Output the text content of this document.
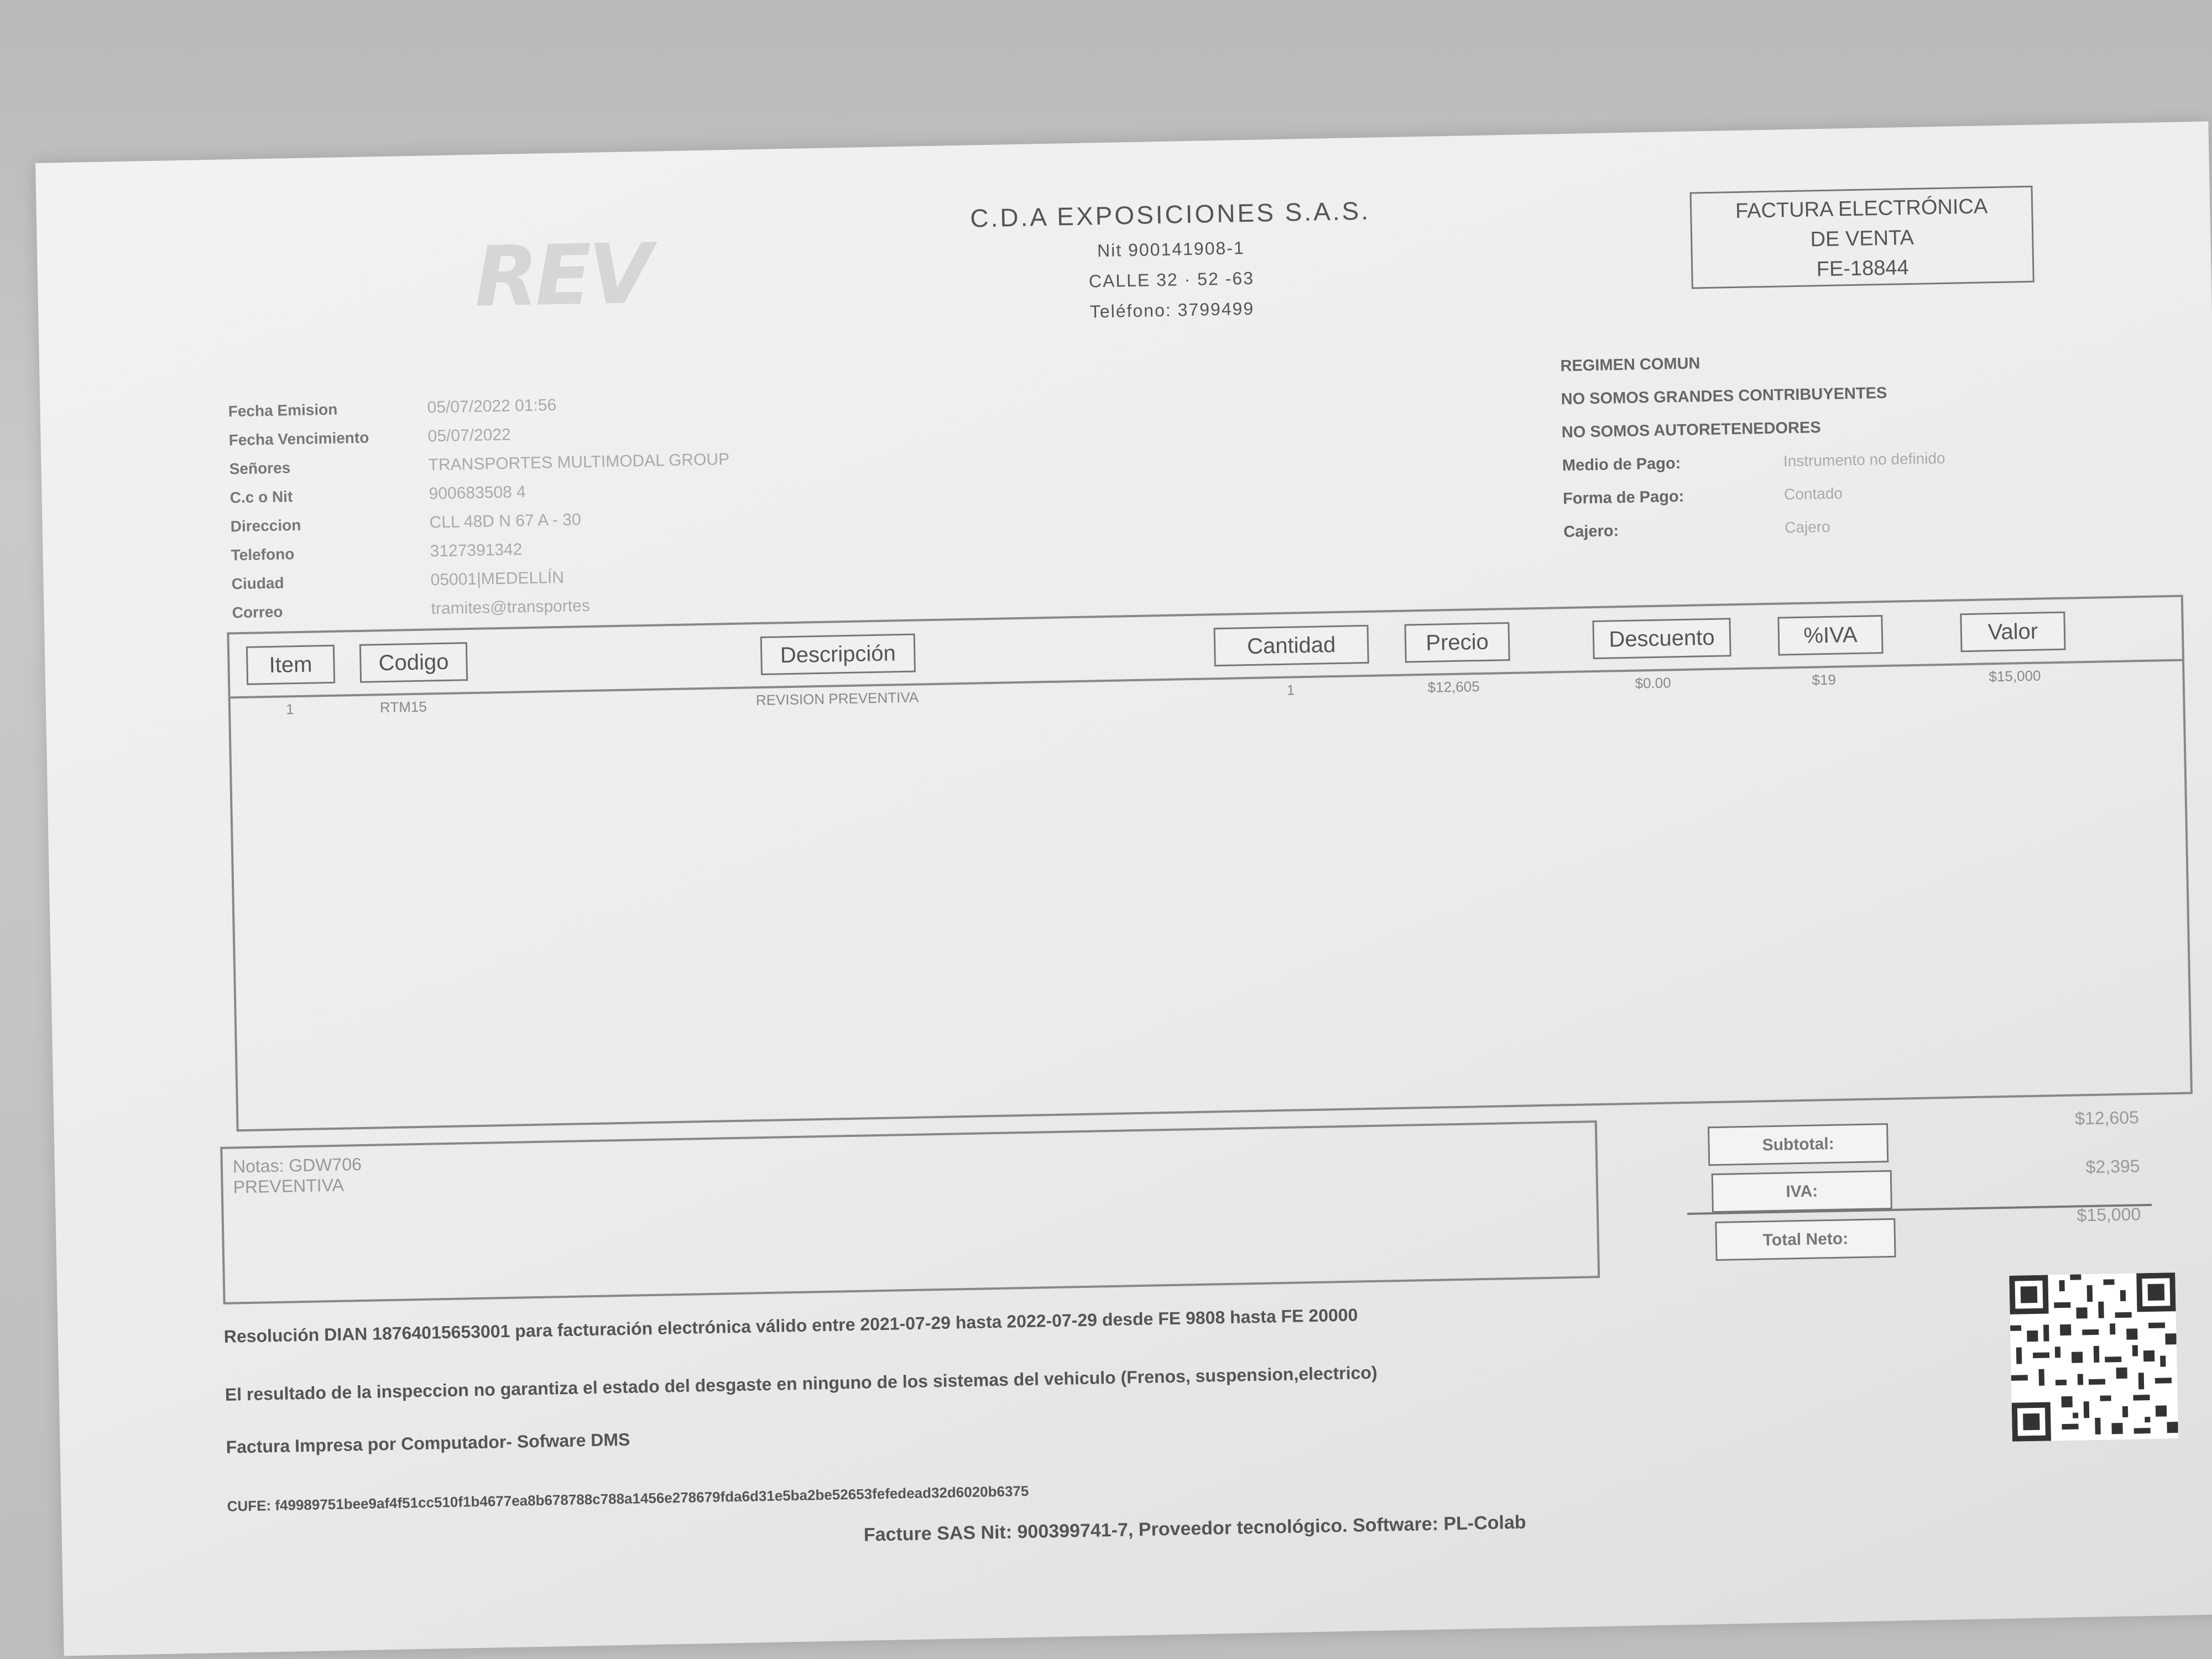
REV
C.D.A EXPOSICIONES S.A.S.
Nit 900141908-1
CALLE 32 · 52 -63
Teléfono: 3799499
FACTURA ELECTRÓNICA
DE VENTA
FE-18844
Fecha Emision	05/07/2022 01:56
Fecha Vencimiento	05/07/2022
Señores	TRANSPORTES MULTIMODAL GROUP
C.c o Nit	900683508 4
Direccion	CLL 48D N 67 A - 30
Telefono	3127391342
Ciudad	05001|MEDELLÍN
Correo	tramites@transportes
REGIMEN COMUN
NO SOMOS GRANDES CONTRIBUYENTES
NO SOMOS AUTORETENEDORES
Medio de Pago:	Instrumento no definido
Forma de Pago:	Contado
Cajero:	Cajero
Item	Codigo	Descripción	Cantidad	Precio	Descuento	%IVA	Valor
1	RTM15	REVISION PREVENTIVA	1	$12,605	$0.00	$19	$15,000
Notas: GDW706
PREVENTIVA
Subtotal:
$12,605
IVA:
$2,395
Total Neto:
$15,000
Resolución DIAN 18764015653001 para facturación electrónica válido entre 2021-07-29 hasta 2022-07-29 desde FE 9808 hasta FE 20000
El resultado de la inspeccion no garantiza el estado del desgaste en ninguno de los sistemas del vehiculo (Frenos, suspension,electrico)
Factura Impresa por Computador- Sofware DMS
CUFE: f49989751bee9af4f51cc510f1b4677ea8b678788c788a1456e278679fda6d31e5ba2be52653fefedead32d6020b6375
Facture SAS Nit: 900399741-7, Proveedor tecnológico. Software: PL-Colab
